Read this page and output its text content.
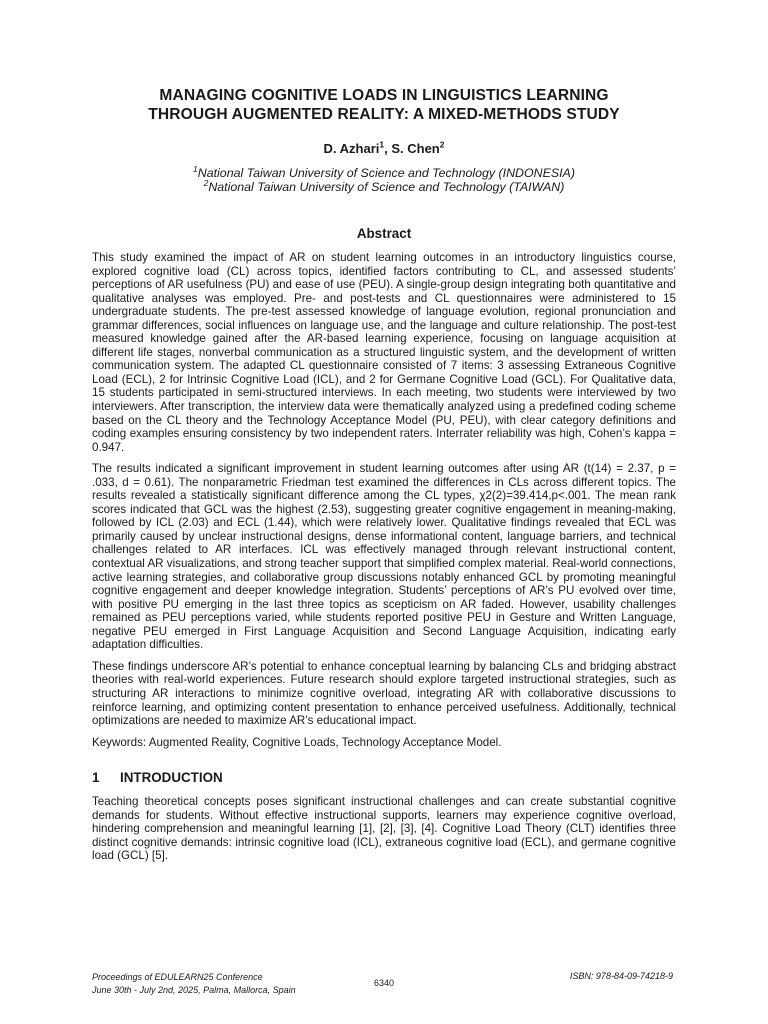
MANAGING COGNITIVE LOADS IN LINGUISTICS LEARNING
THROUGH AUGMENTED REALITY: A MIXED-METHODS STUDY
D. Azhari$^1$, S. Chen$^2$
$^1$National Taiwan University of Science and Technology (INDONESIA)
$^2$National Taiwan University of Science and Technology (TAIWAN)
Abstract

This study examined the impact of AR on student learning outcomes in an introductory linguistics course, explored cognitive load (CL) across topics, identified factors contributing to CL, and assessed students’ perceptions of AR usefulness (PU) and ease of use (PEU). A single-group design integrating both quantitative and qualitative analyses was employed. Pre- and post-tests and CL questionnaires were administered to 15 undergraduate students. The pre-test assessed knowledge of language evolution, regional pronunciation and grammar differences, social influences on language use, and the language and culture relationship. The post-test measured knowledge gained after the AR-based learning experience, focusing on language acquisition at different life stages, nonverbal communication as a structured linguistic system, and the development of written communication system. The adapted CL questionnaire consisted of 7 items: 3 assessing Extraneous Cognitive Load (ECL), 2 for Intrinsic Cognitive Load (ICL), and 2 for Germane Cognitive Load (GCL). For Qualitative data, 15 students participated in semi-structured interviews. In each meeting, two students were interviewed by two interviewers. After transcription, the interview data were thematically analyzed using a predefined coding scheme based on the CL theory and the Technology Acceptance Model (PU, PEU), with clear category definitions and coding examples ensuring consistency by two independent raters. Interrater reliability was high, Cohen’s kappa = 0.947.

The results indicated a significant improvement in student learning outcomes after using AR (t(14) = 2.37, p = .033, d = 0.61). The nonparametric Friedman test examined the differences in CLs across different topics. The results revealed a statistically significant difference among the CL types, χ2(2)=39.414,p<.001. The mean rank scores indicated that GCL was the highest (2.53), suggesting greater cognitive engagement in meaning-making, followed by ICL (2.03) and ECL (1.44), which were relatively lower. Qualitative findings revealed that ECL was primarily caused by unclear instructional designs, dense informational content, language barriers, and technical challenges related to AR interfaces. ICL was effectively managed through relevant instructional content, contextual AR visualizations, and strong teacher support that simplified complex material. Real-world connections, active learning strategies, and collaborative group discussions notably enhanced GCL by promoting meaningful cognitive engagement and deeper knowledge integration. Students’ perceptions of AR’s PU evolved over time, with positive PU emerging in the last three topics as scepticism on AR faded. However, usability challenges remained as PEU perceptions varied, while students reported positive PEU in Gesture and Written Language, negative PEU emerged in First Language Acquisition and Second Language Acquisition, indicating early adaptation difficulties.

These findings underscore AR’s potential to enhance conceptual learning by balancing CLs and bridging abstract theories with real-world experiences. Future research should explore targeted instructional strategies, such as structuring AR interactions to minimize cognitive overload, integrating AR with collaborative discussions to reinforce learning, and optimizing content presentation to enhance perceived usefulness. Additionally, technical optimizations are needed to maximize AR’s educational impact.

Keywords: Augmented Reality, Cognitive Loads, Technology Acceptance Model.

1	INTRODUCTION

Teaching theoretical concepts poses significant instructional challenges and can create substantial cognitive demands for students. Without effective instructional supports, learners may experience cognitive overload, hindering comprehension and meaningful learning [1], [2], [3], [4]. Cognitive Load Theory (CLT) identifies three distinct cognitive demands: intrinsic cognitive load (ICL), extraneous cognitive load (ECL), and germane cognitive load (GCL) [5].

Proceedings of EDULEARN25 Conference
June 30th - July 2nd, 2025, Palma, Mallorca, Spain
6340
ISBN: 978-84-09-74218-9
